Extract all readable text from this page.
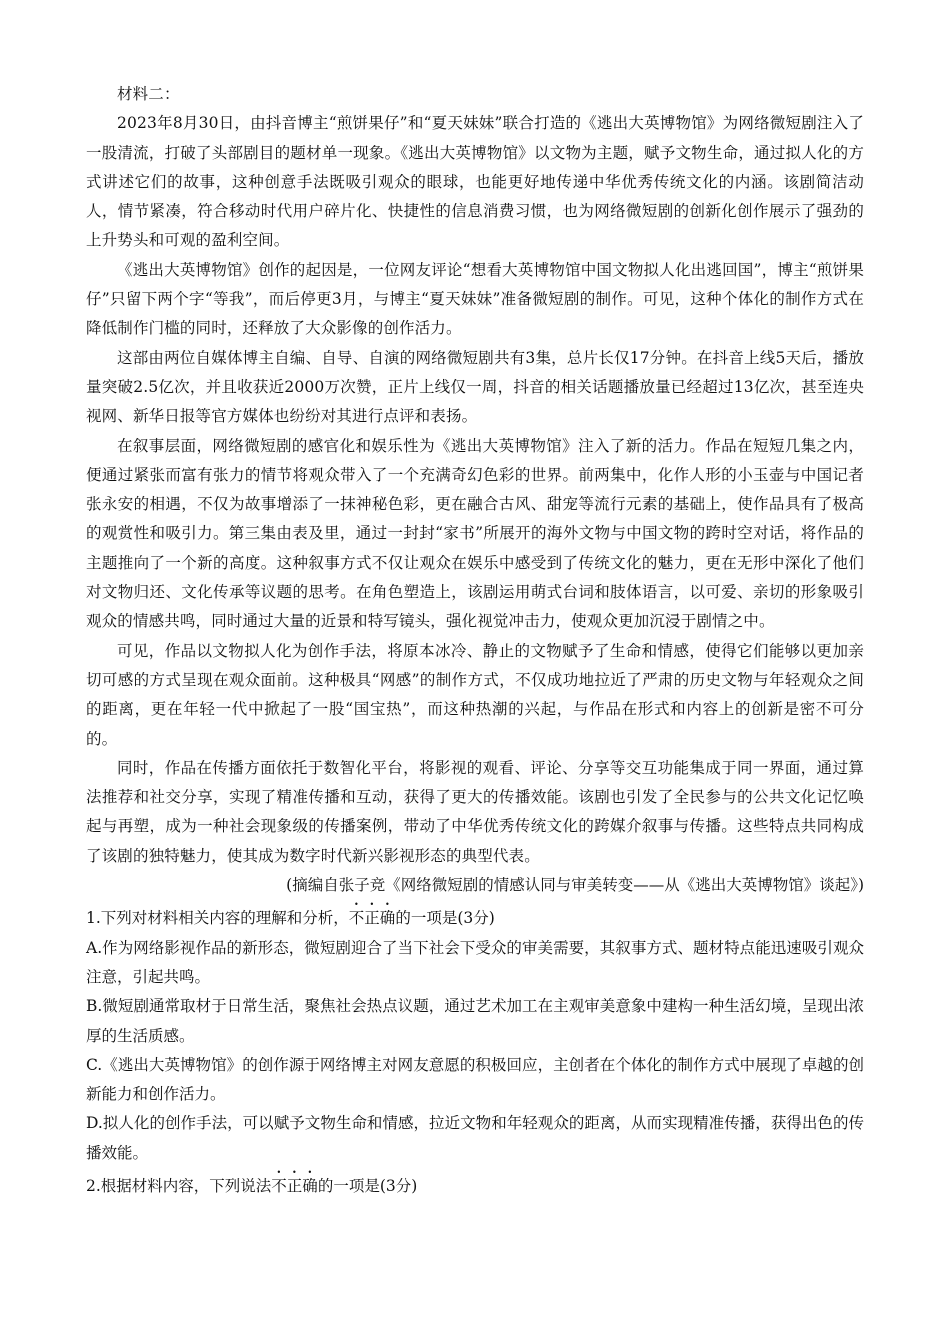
材料二：

2023年8月30日，由抖音博主“煎饼果仔”和“夏天妹妹”联合打造的《逃出大英博物馆》为网络微短剧注入了一股清流，打破了头部剧目的题材单一现象。《逃出大英博物馆》以文物为主题，赋予文物生命，通过拟人化的方式讲述它们的故事，这种创意手法既吸引观众的眼球，也能更好地传递中华优秀传统文化的内涵。该剧简洁动人，情节紧凑，符合移动时代用户碎片化、快捷性的信息消费习惯，也为网络微短剧的创新化创作展示了强劲的上升势头和可观的盈利空间。

《逃出大英博物馆》创作的起因是，一位网友评论“想看大英博物馆中国文物拟人化出逃回国”，博主“煎饼果仔”只留下两个字“等我”，而后停更3月，与博主“夏天妹妹”准备微短剧的制作。可见，这种个体化的制作方式在降低制作门槛的同时，还释放了大众影像的创作活力。

这部由两位自媒体博主自编、自导、自演的网络微短剧共有3集，总片长仅17分钟。在抖音上线5天后，播放量突破2.5亿次，并且收获近2000万次赞，正片上线仅一周，抖音的相关话题播放量已经超过13亿次，甚至连央视网、新华日报等官方媒体也纷纷对其进行点评和表扬。

在叙事层面，网络微短剧的感官化和娱乐性为《逃出大英博物馆》注入了新的活力。作品在短短几集之内，便通过紧张而富有张力的情节将观众带入了一个充满奇幻色彩的世界。前两集中，化作人形的小玉壶与中国记者张永安的相遇，不仅为故事增添了一抹神秘色彩，更在融合古风、甜宠等流行元素的基础上，使作品具有了极高的观赏性和吸引力。第三集由表及里，通过一封封“家书”所展开的海外文物与中国文物的跨时空对话，将作品的主题推向了一个新的高度。这种叙事方式不仅让观众在娱乐中感受到了传统文化的魅力，更在无形中深化了他们对文物归还、文化传承等议题的思考。在角色塑造上，该剧运用萌式台词和肢体语言，以可爱、亲切的形象吸引观众的情感共鸣，同时通过大量的近景和特写镜头，强化视觉冲击力，使观众更加沉浸于剧情之中。

可见，作品以文物拟人化为创作手法，将原本冰冷、静止的文物赋予了生命和情感，使得它们能够以更加亲切可感的方式呈现在观众面前。这种极具“网感”的制作方式，不仅成功地拉近了严肃的历史文物与年轻观众之间的距离，更在年轻一代中掀起了一股“国宝热”，而这种热潮的兴起，与作品在形式和内容上的创新是密不可分的。

同时，作品在传播方面依托于数智化平台，将影视的观看、评论、分享等交互功能集成于同一界面，通过算法推荐和社交分享，实现了精准传播和互动，获得了更大的传播效能。该剧也引发了全民参与的公共文化记忆唤起与再塑，成为一种社会现象级的传播案例，带动了中华优秀传统文化的跨媒介叙事与传播。这些特点共同构成了该剧的独特魅力，使其成为数字时代新兴影视形态的典型代表。

(摘编自张子竞《网络微短剧的情感认同与审美转变——从《逃出大英博物馆》谈起》)

1.下列对材料相关内容的理解和分析，不正确的一项是(3分)

A.作为网络影视作品的新形态，微短剧迎合了当下社会下受众的审美需要，其叙事方式、题材特点能迅速吸引观众注意，引起共鸣。

B.微短剧通常取材于日常生活，聚焦社会热点议题，通过艺术加工在主观审美意象中建构一种生活幻境，呈现出浓厚的生活质感。

C.《逃出大英博物馆》的创作源于网络博主对网友意愿的积极回应，主创者在个体化的制作方式中展现了卓越的创新能力和创作活力。

D.拟人化的创作手法，可以赋予文物生命和情感，拉近文物和年轻观众的距离，从而实现精准传播，获得出色的传播效能。

2.根据材料内容，下列说法不正确的一项是(3分)
